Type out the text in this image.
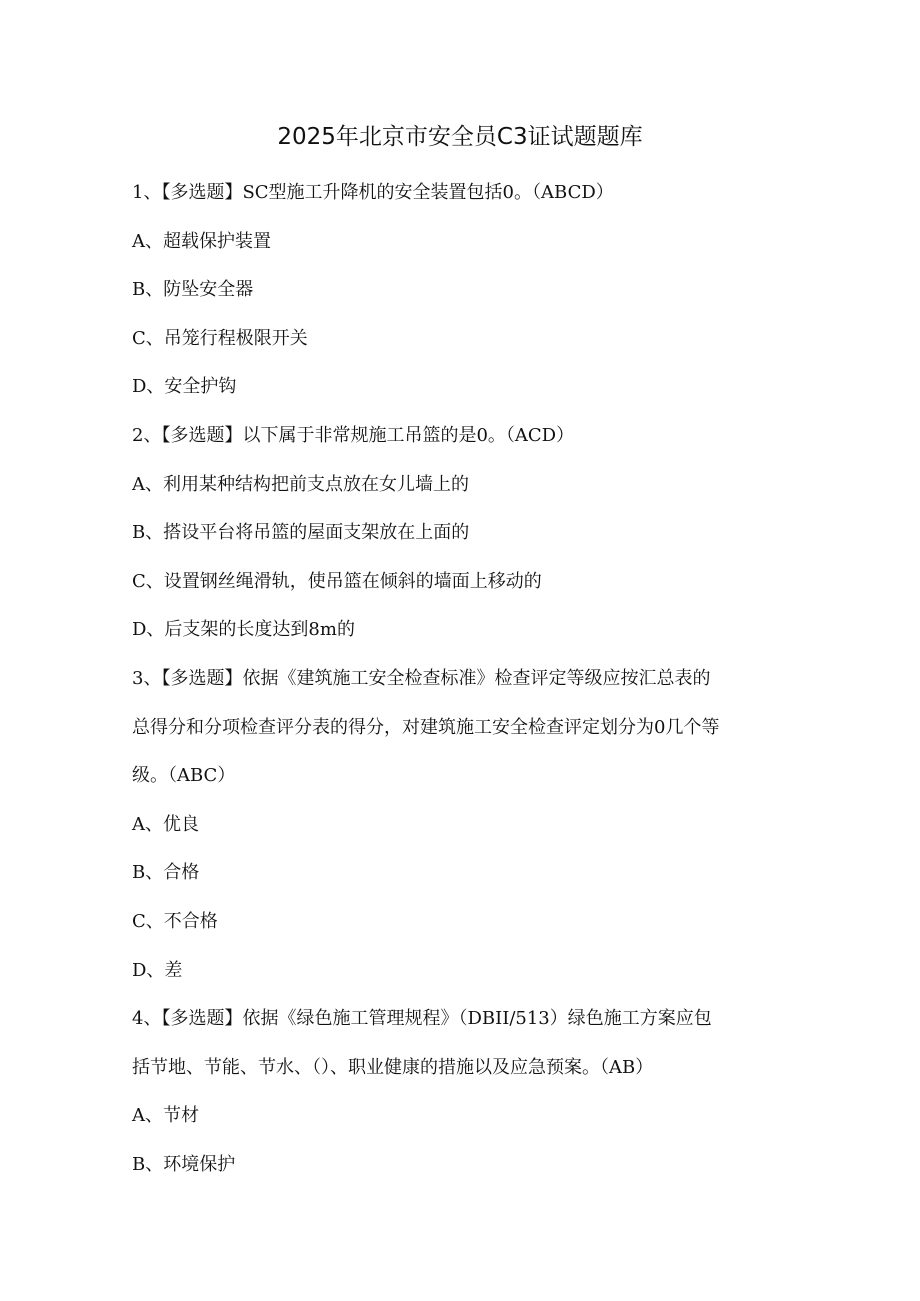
2025年北京市安全员C3证试题题库

1、【多选题】SC型施工升降机的安全装置包括0。（ABCD）

A、超载保护装置

B、防坠安全器

C、吊笼行程极限开关

D、安全护钩

2、【多选题】以下属于非常规施工吊篮的是0。（ACD）

A、利用某种结构把前支点放在女儿墙上的

B、搭设平台将吊篮的屋面支架放在上面的

C、设置钢丝绳滑轨，使吊篮在倾斜的墙面上移动的

D、后支架的长度达到8m的

3、【多选题】依据《建筑施工安全检查标准》检查评定等级应按汇总表的

总得分和分项检查评分表的得分，对建筑施工安全检查评定划分为0几个等

级。（ABC）

A、优良

B、合格

C、不合格

D、差

4、【多选题】依据《绿色施工管理规程》（DBII/513）绿色施工方案应包

括节地、节能、节水、（）、职业健康的措施以及应急预案。（AB）

A、节材

B、环境保护
